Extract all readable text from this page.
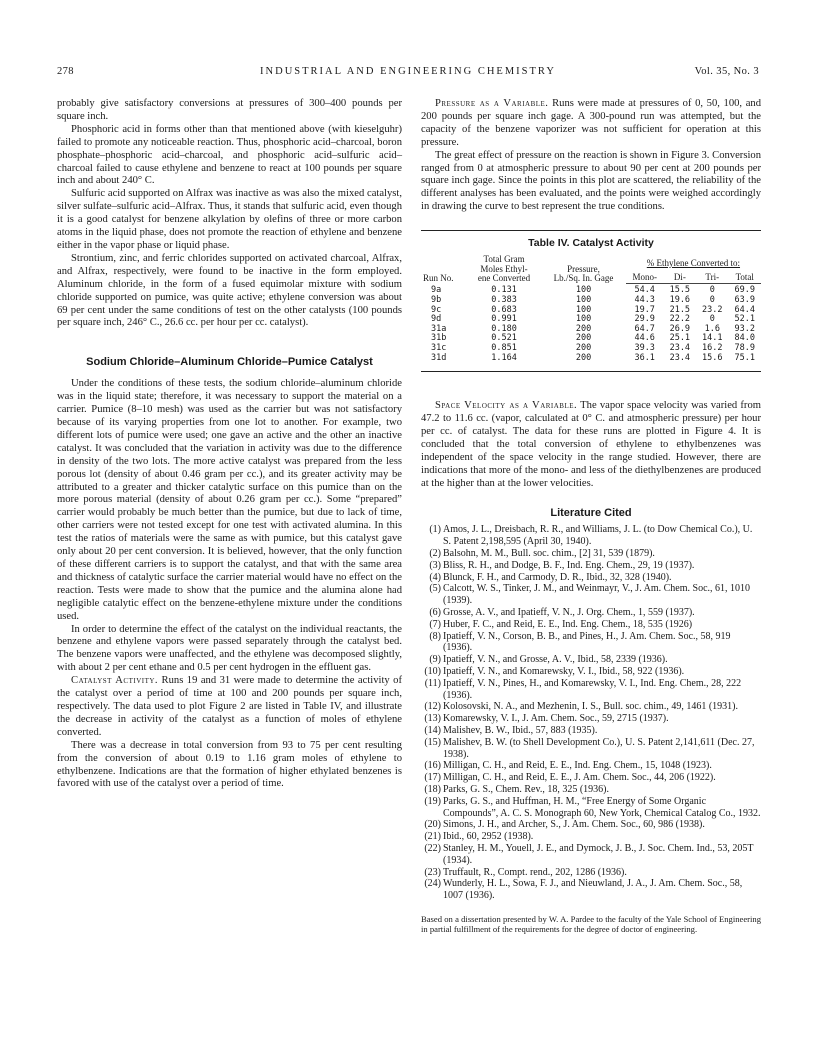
278	INDUSTRIAL AND ENGINEERING CHEMISTRY	Vol. 35, No. 3

probably give satisfactory conversions at pressures of 300–400 pounds per square inch.

Phosphoric acid in forms other than that mentioned above (with kieselguhr) failed to promote any noticeable reaction. Thus, phosphoric acid–charcoal, boron phosphate–phosphoric acid–charcoal, and phosphoric acid–sulfuric acid–charcoal failed to cause ethylene and benzene to react at 100 pounds per square inch and about 240° C.

Sulfuric acid supported on Alfrax was inactive as was also the mixed catalyst, silver sulfate–sulfuric acid–Alfrax. Thus, it stands that sulfuric acid, even though it is a good catalyst for benzene alkylation by olefins of three or more carbon atoms in the liquid phase, does not promote the reaction of ethylene and benzene either in the vapor phase or liquid phase.

Strontium, zinc, and ferric chlorides supported on activated charcoal, Alfrax, and Alfrax, respectively, were found to be inactive in the form employed. Aluminum chloride, in the form of a fused equimolar mixture with sodium chloride supported on pumice, was quite active; ethylene conversion was about 69 per cent under the same conditions of test on the other catalysts (100 pounds per square inch, 246° C., 26.6 cc. per hour per cc. catalyst).

Sodium Chloride–Aluminum Chloride–Pumice Catalyst

Under the conditions of these tests, the sodium chloride–aluminum chloride was in the liquid state; therefore, it was necessary to support the material on a carrier. Pumice (8–10 mesh) was used as the carrier but was not satisfactory because of its varying properties from one lot to another. For example, two different lots of pumice were used; one gave an active and the other an inactive catalyst. It was concluded that the variation in activity was due to the difference in density of the two lots. The more active catalyst was prepared from the less porous lot (density of about 0.46 gram per cc.), and its greater activity may be attributed to a greater and thicker catalytic surface on this pumice than on the more porous material (density of about 0.26 gram per cc.). Some “prepared” carrier would probably be much better than the pumice, but due to lack of time, other carriers were not tested except for one test with activated alumina. In this test the ratios of materials were the same as with pumice, but this catalyst gave only about 20 per cent conversion. It is believed, however, that the only function of these different carriers is to support the catalyst, and that with the same area and thickness of catalytic surface the carrier material would have no effect on the reaction. Tests were made to show that the pumice and the alumina alone had negligible catalytic effect on the benzene-ethylene mixture under the conditions used.

In order to determine the effect of the catalyst on the individual reactants, the benzene and ethylene vapors were passed separately through the catalyst bed. The benzene vapors were unaffected, and the ethylene was decomposed slightly, with about 2 per cent ethane and 0.5 per cent hydrogen in the effluent gas.

Catalyst Activity. Runs 19 and 31 were made to determine the activity of the catalyst over a period of time at 100 and 200 pounds per square inch, respectively. The data used to plot Figure 2 are listed in Table IV, and illustrate the decrease in activity of the catalyst as a function of moles of ethylene converted.

There was a decrease in total conversion from 93 to 75 per cent resulting from the conversion of about 0.19 to 1.16 gram moles of ethylene to ethylbenzene. Indications are that the formation of higher ethylated benzenes is favored with use of the catalyst over a period of time.

Pressure as a Variable. Runs were made at pressures of 0, 50, 100, and 200 pounds per square inch gage. A 300-pound run was attempted, but the capacity of the benzene vaporizer was not sufficient for operation at this pressure.

The great effect of pressure on the reaction is shown in Figure 3. Conversion ranged from 0 at atmospheric pressure to about 90 per cent at 200 pounds per square inch gage. Since the points in this plot are scattered, the reliability of the different analyses has been evaluated, and the points were weighed accordingly in drawing the curve to best represent the true conditions.

Table IV. Catalyst Activity
Run No.	Total Gram
Moles Ethyl-
ene Converted	Pressure,
Lb./Sq. In. Gage	% Ethylene Converted to:			
			Mono-	Di-	Tri-	Total
9a	0.131	100	54.4	15.5	0	69.9
9b	0.383	100	44.3	19.6	0	63.9
9c	0.683	100	19.7	21.5	23.2	64.4
9d	0.991	100	29.9	22.2	0	52.1
31a	0.180	200	64.7	26.9	1.6	93.2
31b	0.521	200	44.6	25.1	14.1	84.0
31c	0.851	200	39.3	23.4	16.2	78.9
31d	1.164	200	36.1	23.4	15.6	75.1

Space Velocity as a Variable. The vapor space velocity was varied from 47.2 to 11.6 cc. (vapor, calculated at 0° C. and atmospheric pressure) per hour per cc. of catalyst. The data for these runs are plotted in Figure 4. It is concluded that the total conversion of ethylene to ethylbenzenes was independent of the space velocity in the range studied. However, there are indications that more of the mono- and less of the diethylbenzenes are produced at the higher than at the lower velocities.

Literature Cited
(1) Amos, J. L., Dreisbach, R. R., and Williams, J. L. (to Dow Chemical Co.), U. S. Patent 2,198,595 (April 30, 1940).
(2) Balsohn, M. M., Bull. soc. chim., [2] 31, 539 (1879).
(3) Bliss, R. H., and Dodge, B. F., Ind. Eng. Chem., 29, 19 (1937).
(4) Blunck, F. H., and Carmody, D. R., Ibid., 32, 328 (1940).
(5) Calcott, W. S., Tinker, J. M., and Weinmayr, V., J. Am. Chem. Soc., 61, 1010 (1939).
(6) Grosse, A. V., and Ipatieff, V. N., J. Org. Chem., 1, 559 (1937).
(7) Huber, F. C., and Reid, E. E., Ind. Eng. Chem., 18, 535 (1926)
(8) Ipatieff, V. N., Corson, B. B., and Pines, H., J. Am. Chem. Soc., 58, 919 (1936).
(9) Ipatieff, V. N., and Grosse, A. V., Ibid., 58, 2339 (1936).
(10) Ipatieff, V. N., and Komarewsky, V. I., Ibid., 58, 922 (1936).
(11) Ipatieff, V. N., Pines, H., and Komarewsky, V. I., Ind. Eng. Chem., 28, 222 (1936).
(12) Kolosovski, N. A., and Mezhenin, I. S., Bull. soc. chim., 49, 1461 (1931).
(13) Komarewsky, V. I., J. Am. Chem. Soc., 59, 2715 (1937).
(14) Malishev, B. W., Ibid., 57, 883 (1935).
(15) Malishev, B. W. (to Shell Development Co.), U. S. Patent 2,141,611 (Dec. 27, 1938).
(16) Milligan, C. H., and Reid, E. E., Ind. Eng. Chem., 15, 1048 (1923).
(17) Milligan, C. H., and Reid, E. E., J. Am. Chem. Soc., 44, 206 (1922).
(18) Parks, G. S., Chem. Rev., 18, 325 (1936).
(19) Parks, G. S., and Huffman, H. M., “Free Energy of Some Organic Compounds”, A. C. S. Monograph 60, New York, Chemical Catalog Co., 1932.
(20) Simons, J. H., and Archer, S., J. Am. Chem. Soc., 60, 986 (1938).
(21) Ibid., 60, 2952 (1938).
(22) Stanley, H. M., Youell, J. E., and Dymock, J. B., J. Soc. Chem. Ind., 53, 205T (1934).
(23) Truffault, R., Compt. rend., 202, 1286 (1936).
(24) Wunderly, H. L., Sowa, F. J., and Nieuwland, J. A., J. Am. Chem. Soc., 58, 1007 (1936).

Based on a dissertation presented by W. A. Pardee to the faculty of the Yale School of Engineering in partial fulfillment of the requirements for the degree of doctor of engineering.
